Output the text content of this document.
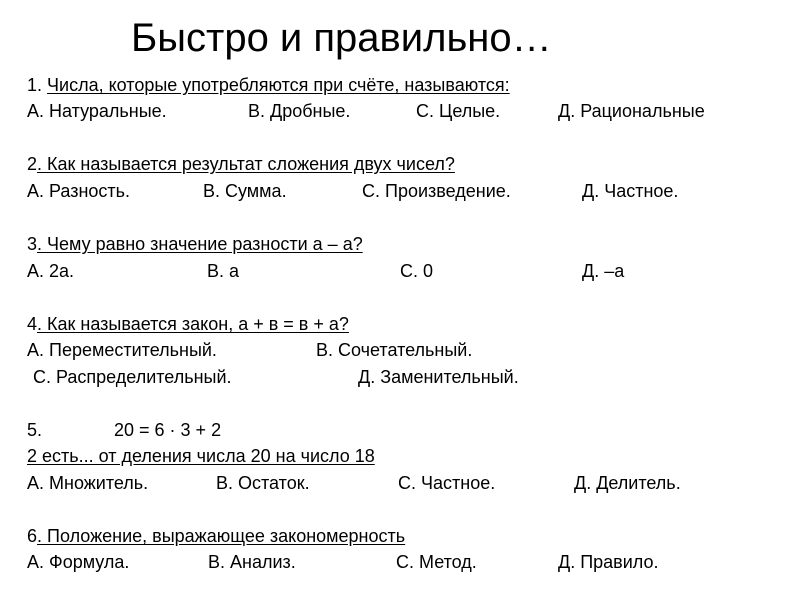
Быстро и правильно…
1. Числа, которые употребляются при счёте, называются:
А. Натуральные.	В. Дробные.	С. Целые.	Д. Рациональные
2. Как называется результат сложения двух чисел?
А. Разность.	В. Сумма.	С. Произведение.	Д. Частное.
3. Чему равно значение разности а – а?
А. 2а.	В. а	С. 0	Д. –а
4. Как называется закон, а + в = в + а?
А. Переместительный.	В. Сочетательный.
С. Распределительный.	Д. Заменительный.
5.	20 = 6 · 3 + 2
2 есть... от деления числа 20 на число 18
А. Множитель.	В. Остаток.	С. Частное.	Д. Делитель.
6. Положение, выражающее закономерность
А. Формула.	В. Анализ.	С. Метод.	Д. Правило.
